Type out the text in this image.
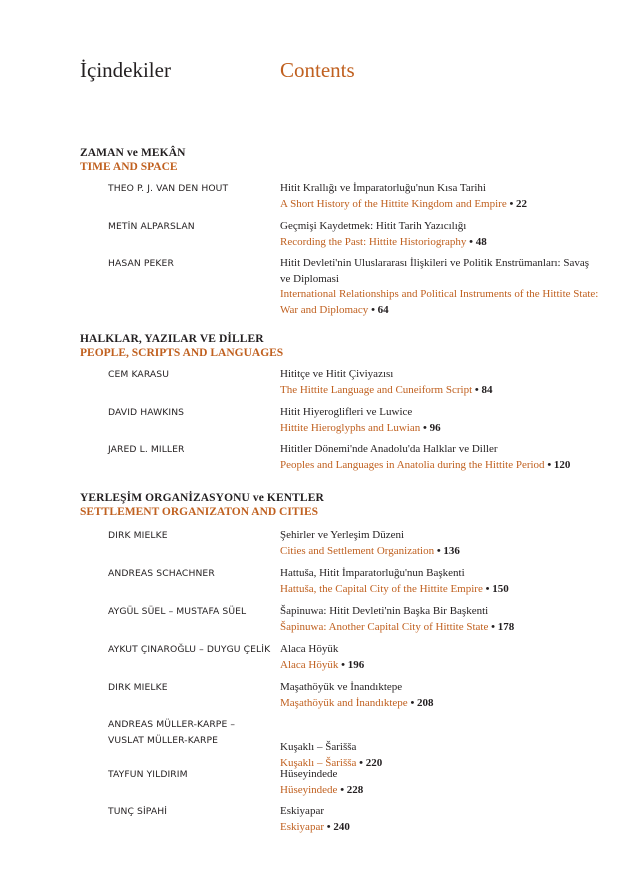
İçindekiler	Contents
ZAMAN ve MEKÂN
TIME AND SPACE
THEO P. J. VAN DEN HOUT	Hitit Krallığı ve İmparatorluğu'nun Kısa Tarihi
A Short History of the Hittite Kingdom and Empire • 22
METİN ALPARSLAN	Geçmişi Kaydetmek: Hitit Tarih Yazıcılığı
Recording the Past: Hittite Historiography • 48
HASAN PEKER	Hitit Devleti'nin Uluslararası İlişkileri ve Politik Enstrümanları: Savaş ve Diplomasi
International Relationships and Political Instruments of the Hittite State: War and Diplomacy • 64
HALKLAR, YAZILAR VE DİLLER
PEOPLE, SCRIPTS AND LANGUAGES
CEM KARASU	Hititçe ve Hitit Çiviyazısı
The Hittite Language and Cuneiform Script • 84
DAVID HAWKINS	Hitit Hiyeroglifleri ve Luwice
Hittite Hieroglyphs and Luwian • 96
JARED L. MILLER	Hititler Dönemi'nde Anadolu'da Halklar ve Diller
Peoples and Languages in Anatolia during the Hittite Period • 120
YERLEŞİM ORGANİZASYONU ve KENTLER
SETTLEMENT ORGANIZATON AND CITIES
DIRK MIELKE	Şehirler ve Yerleşim Düzeni
Cities and Settlement Organization • 136
ANDREAS SCHACHNER	Hattuša, Hitit İmparatorluğu'nun Başkenti
Hattuša, the Capital City of the Hittite Empire • 150
AYGÜL SÜEL – MUSTAFA SÜEL	Šapinuwa: Hitit Devleti'nin Başka Bir Başkenti
Šapinuwa: Another Capital City of Hittite State • 178
AYKUT ÇINAROĞLU – DUYGU ÇELİK Alaca Höyük
Alaca Höyük • 196
DIRK MIELKE	Maşathöyük ve İnandıktepe
Maşathöyük and İnandıktepe • 208
ANDREAS MÜLLER-KARPE – VUSLAT MÜLLER-KARPE
Kuşaklı – Šarišša
Kuşaklı – Šarišša • 220
TAYFUN YILDIRIM	Hüseyindede
Hüseyindede • 228
TUNÇ SİPAHİ	Eskiyapar
Eskiyapar • 240
